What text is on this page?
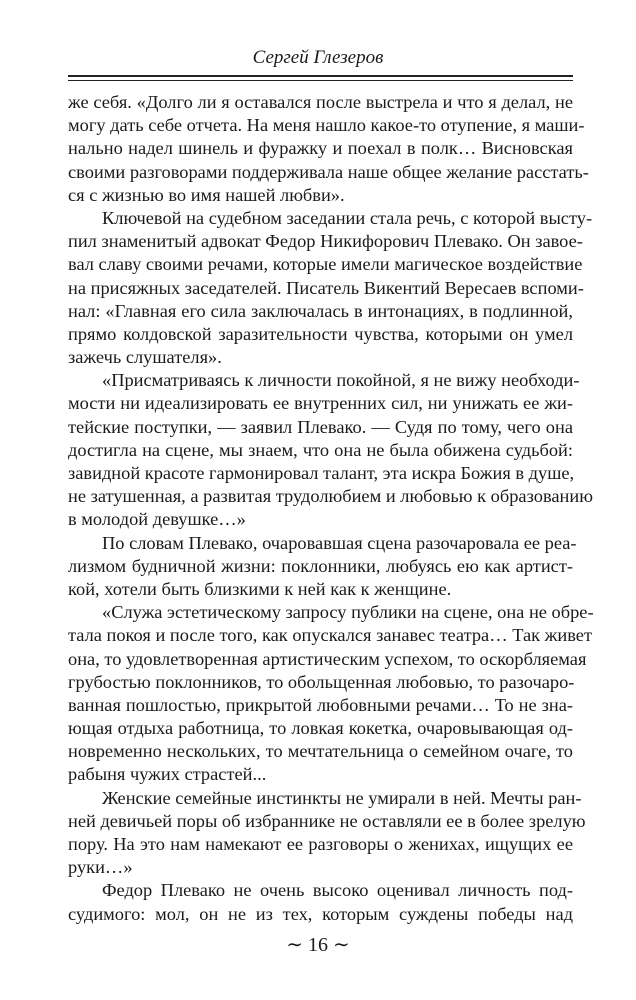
Сергей Глезеров
же себя. «Долго ли я оставался после выстрела и что я делал, не
могу дать себе отчета. На меня нашло какое-то отупение, я маши-
нально надел шинель и фуражку и поехал в полк… Висновская
своими разговорами поддерживала наше общее желание расстать-
ся с жизнью во имя нашей любви».
Ключевой на судебном заседании стала речь, с которой высту-
пил знаменитый адвокат Федор Никифорович Плевако. Он завое-
вал славу своими речами, которые имели магическое воздействие
на присяжных заседателей. Писатель Викентий Вересаев вспоми-
нал: «Главная его сила заключалась в интонациях, в подлинной,
прямо колдовской заразительности чувства, которыми он умел
зажечь слушателя».
«Присматриваясь к личности покойной, я не вижу необходи-
мости ни идеализировать ее внутренних сил, ни унижать ее жи-
тейские поступки, — заявил Плевако. — Судя по тому, чего она
достигла на сцене, мы знаем, что она не была обижена судьбой:
завидной красоте гармонировал талант, эта искра Божия в душе,
не затушенная, а развитая трудолюбием и любовью к образованию
в молодой девушке…»
По словам Плевако, очаровавшая сцена разочаровала ее реа-
лизмом будничной жизни: поклонники, любуясь ею как артист-
кой, хотели быть близкими к ней как к женщине.
«Служа эстетическому запросу публики на сцене, она не обре-
тала покоя и после того, как опускался занавес театра… Так живет
она, то удовлетворенная артистическим успехом, то оскорбляемая
грубостью поклонников, то обольщенная любовью, то разочаро-
ванная пошлостью, прикрытой любовными речами… То не зна-
ющая отдыха работница, то ловкая кокетка, очаровывающая од-
новременно нескольких, то мечтательница о семейном очаге, то
рабыня чужих страстей...
Женские семейные инстинкты не умирали в ней. Мечты ран-
ней девичьей поры об избраннике не оставляли ее в более зрелую
пору. На это нам намекают ее разговоры о женихах, ищущих ее
руки…»
Федор Плевако не очень высоко оценивал личность под-
судимого: мол, он не из тех, которым суждены победы над
∼ 16 ∼
